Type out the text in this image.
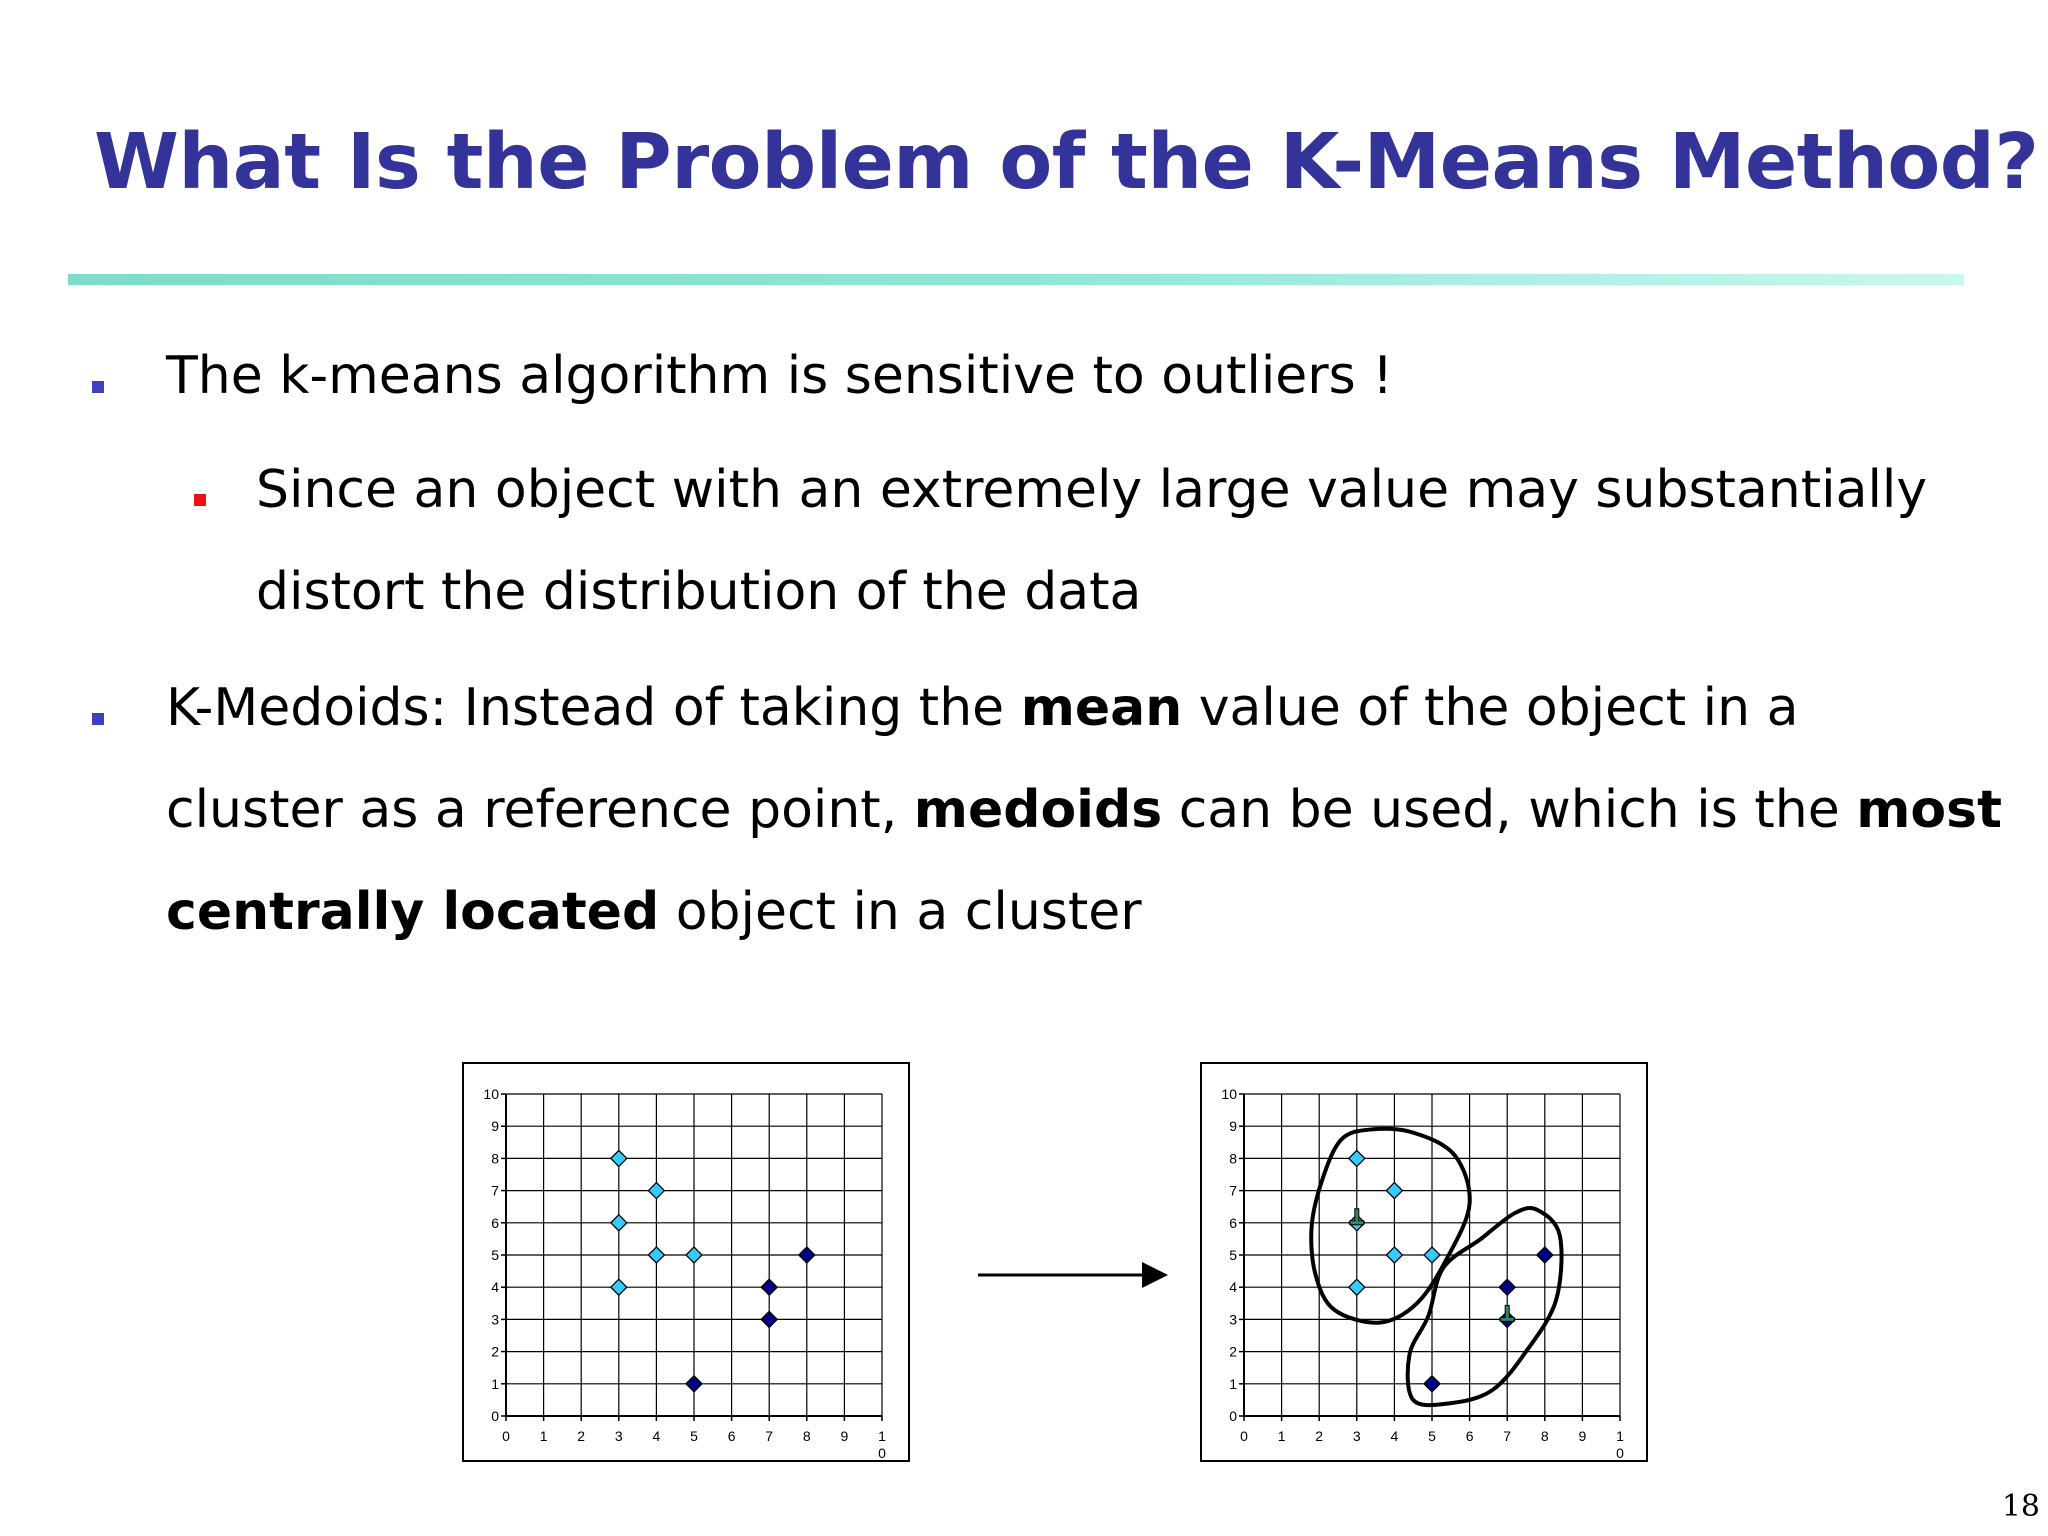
What Is the Problem of the K-Means Method?
The k-means algorithm is sensitive to outliers !
Since an object with an extremely large value may substantially
distort the distribution of the data
K-Medoids: Instead of taking the mean value of the object in a
cluster as a reference point, medoids can be used, which is the most
centrally located object in a cluster
0
1
2
3
4
5
6
7
8
9
10
0 1 2 3 4 5 6 7 8 9 1 0
0
1
2
3
4
5
6
7
8
9
10
0 1 2 3 4 5 6 7 8 9 1 0
18
